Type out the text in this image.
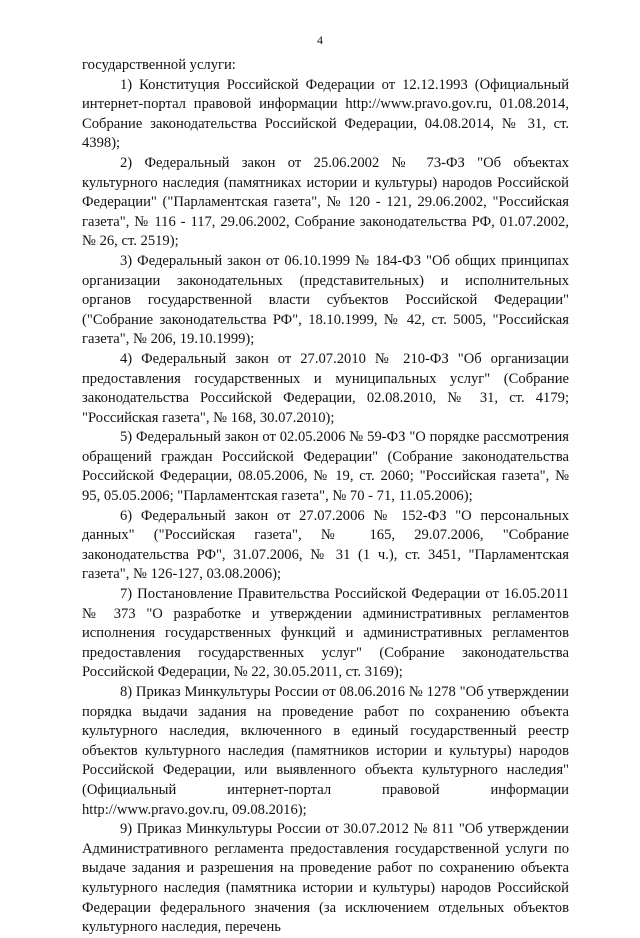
4

государственной услуги:

1) Конституция Российской Федерации от 12.12.1993 (Официальный интернет-портал правовой информации http://www.pravo.gov.ru, 01.08.2014, Собрание законодательства Российской Федерации, 04.08.2014, № 31, ст. 4398);

2) Федеральный закон от 25.06.2002 № 73-ФЗ "Об объектах культурного наследия (памятниках истории и культуры) народов Российской Федерации" ("Парламентская газета", № 120 - 121, 29.06.2002, "Российская газета", № 116 - 117, 29.06.2002, Собрание законодательства РФ, 01.07.2002, № 26, ст. 2519);

3) Федеральный закон от 06.10.1999 № 184-ФЗ "Об общих принципах организации законодательных (представительных) и исполнительных органов государственной власти субъектов Российской Федерации" ("Собрание законодательства РФ", 18.10.1999, № 42, ст. 5005, "Российская газета", № 206, 19.10.1999);

4) Федеральный закон от 27.07.2010 № 210-ФЗ "Об организации предоставления государственных и муниципальных услуг" (Собрание законодательства Российской Федерации, 02.08.2010, № 31, ст. 4179; "Российская газета", № 168, 30.07.2010);

5) Федеральный закон от 02.05.2006 № 59-ФЗ "О порядке рассмотрения обращений граждан Российской Федерации" (Собрание законодательства Российской Федерации, 08.05.2006, № 19, ст. 2060; "Российская газета", № 95, 05.05.2006; "Парламентская газета", № 70 - 71, 11.05.2006);

6) Федеральный закон от 27.07.2006 № 152-ФЗ "О персональных данных" ("Российская газета", № 165, 29.07.2006, "Собрание законодательства РФ", 31.07.2006, № 31 (1 ч.), ст. 3451, "Парламентская газета", № 126-127, 03.08.2006);

7) Постановление Правительства Российской Федерации от 16.05.2011 № 373 "О разработке и утверждении административных регламентов исполнения государственных функций и административных регламентов предоставления государственных услуг" (Собрание законодательства Российской Федерации, № 22, 30.05.2011, ст. 3169);

8) Приказ Минкультуры России от 08.06.2016 № 1278 "Об утверждении порядка выдачи задания на проведение работ по сохранению объекта культурного наследия, включенного в единый государственный реестр объектов культурного наследия (памятников истории и культуры) народов Российской Федерации, или выявленного объекта культурного наследия" (Официальный интернет-портал правовой информации http://www.pravo.gov.ru, 09.08.2016);

9) Приказ Минкультуры России от 30.07.2012 № 811 "Об утверждении Административного регламента предоставления государственной услуги по выдаче задания и разрешения на проведение работ по сохранению объекта культурного наследия (памятника истории и культуры) народов Российской Федерации федерального значения (за исключением отдельных объектов культурного наследия, перечень
